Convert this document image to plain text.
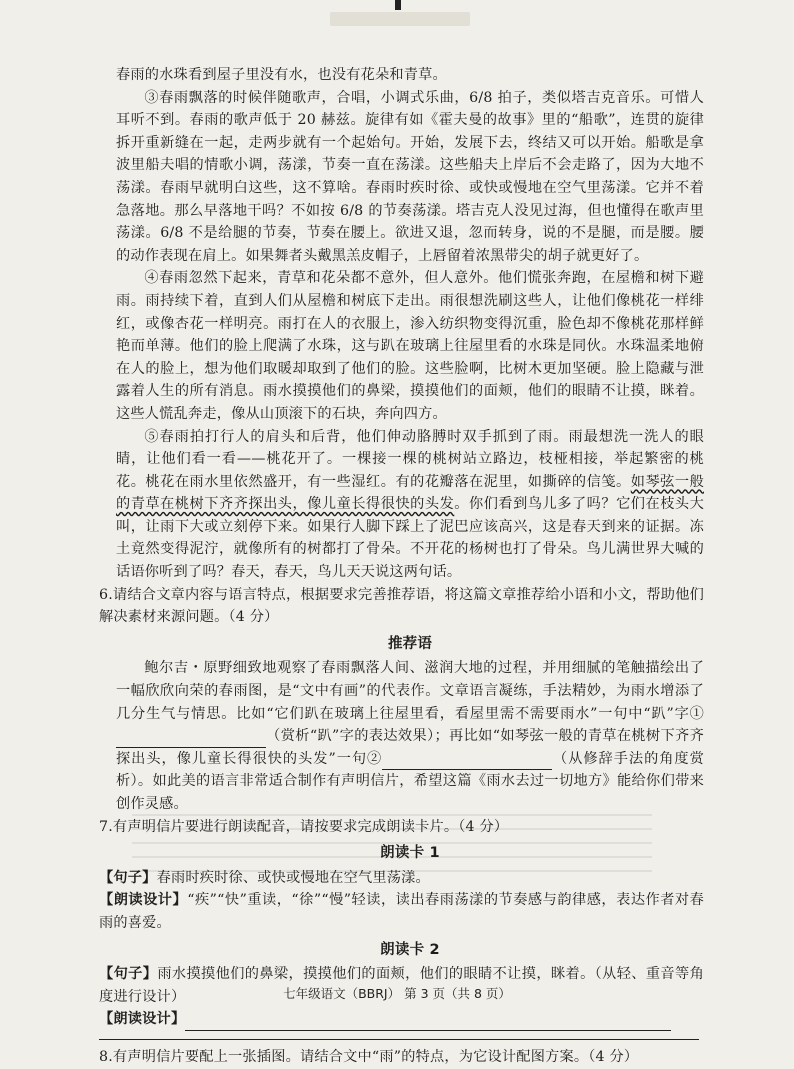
春雨的水珠看到屋子里没有水，也没有花朵和青草。

③春雨飘落的时候伴随歌声，合唱，小调式乐曲，6/8 拍子，类似塔吉克音乐。可惜人耳听不到。春雨的歌声低于 20 赫兹。旋律有如《霍夫曼的故事》里的“船歌”，连贯的旋律拆开重新缝在一起，走两步就有一个起始句。开始，发展下去，终结又可以开始。船歌是拿波里船夫唱的情歌小调，荡漾，节奏一直在荡漾。这些船夫上岸后不会走路了，因为大地不荡漾。春雨早就明白这些，这不算啥。春雨时疾时徐、或快或慢地在空气里荡漾。它并不着急落地。那么早落地干吗？不如按 6/8 的节奏荡漾。塔吉克人没见过海，但也懂得在歌声里荡漾。6/8 不是给腿的节奏，节奏在腰上。欲进又退，忽而转身，说的不是腿，而是腰。腰的动作表现在肩上。如果舞者头戴黑羔皮帽子，上唇留着浓黑带尖的胡子就更好了。

④春雨忽然下起来，青草和花朵都不意外，但人意外。他们慌张奔跑，在屋檐和树下避雨。雨持续下着，直到人们从屋檐和树底下走出。雨很想洗刷这些人，让他们像桃花一样绯红，或像杏花一样明亮。雨打在人的衣服上，渗入纺织物变得沉重，脸色却不像桃花那样鲜艳而单薄。他们的脸上爬满了水珠，这与趴在玻璃上往屋里看的水珠是同伙。水珠温柔地俯在人的脸上，想为他们取暖却取到了他们的脸。这些脸啊，比树木更加坚硬。脸上隐藏与泄露着人生的所有消息。雨水摸摸他们的鼻梁，摸摸他们的面颊，他们的眼睛不让摸，眯着。这些人慌乱奔走，像从山顶滚下的石块，奔向四方。

⑤春雨拍打行人的肩头和后背，他们伸动胳膊时双手抓到了雨。雨最想洗一洗人的眼睛，让他们看一看——桃花开了。一棵接一棵的桃树站立路边，枝桠相接，举起繁密的桃花。桃花在雨水里依然盛开，有一些湿红。有的花瓣落在泥里，如撕碎的信笺。如琴弦一般的青草在桃树下齐齐探出头，像儿童长得很快的头发。你们看到鸟儿多了吗？它们在枝头大叫，让雨下大或立刻停下来。如果行人脚下踩上了泥巴应该高兴，这是春天到来的证据。冻土竟然变得泥泞，就像所有的树都打了骨朵。不开花的杨树也打了骨朵。鸟儿满世界大喊的话语你听到了吗？春天，春天，鸟儿天天说这两句话。

6.请结合文章内容与语言特点，根据要求完善推荐语，将这篇文章推荐给小语和小文，帮助他们解决素材来源问题。（4 分）

推荐语

鲍尔吉・原野细致地观察了春雨飘落人间、滋润大地的过程，并用细腻的笔触描绘出了一幅欣欣向荣的春雨图，是“文中有画”的代表作。文章语言凝练，手法精妙，为雨水增添了几分生气与情思。比如“它们趴在玻璃上往屋里看，看屋里需不需要雨水”一句中“趴”字①（赏析“趴”字的表达效果）；再比如“如琴弦一般的青草在桃树下齐齐探出头，像儿童长得很快的头发”一句②	（从修辞手法的角度赏析）。如此美的语言非常适合制作有声明信片，希望这篇《雨水去过一切地方》能给你们带来创作灵感。

7.有声明信片要进行朗读配音，请按要求完成朗读卡片。（4 分）

朗读卡 1

【句子】春雨时疾时徐、或快或慢地在空气里荡漾。

【朗读设计】“疾”“快”重读，“徐”“慢”轻读，读出春雨荡漾的节奏感与韵律感，表达作者对春雨的喜爱。

朗读卡 2

【句子】雨水摸摸他们的鼻梁，摸摸他们的面颊，他们的眼睛不让摸，眯着。（从轻、重音等角度进行设计）

【朗读设计】

8.有声明信片要配上一张插图。请结合文中“雨”的特点，为它设计配图方案。（4 分）

七年级语文（BBRJ） 第 3 页（共 8 页）
